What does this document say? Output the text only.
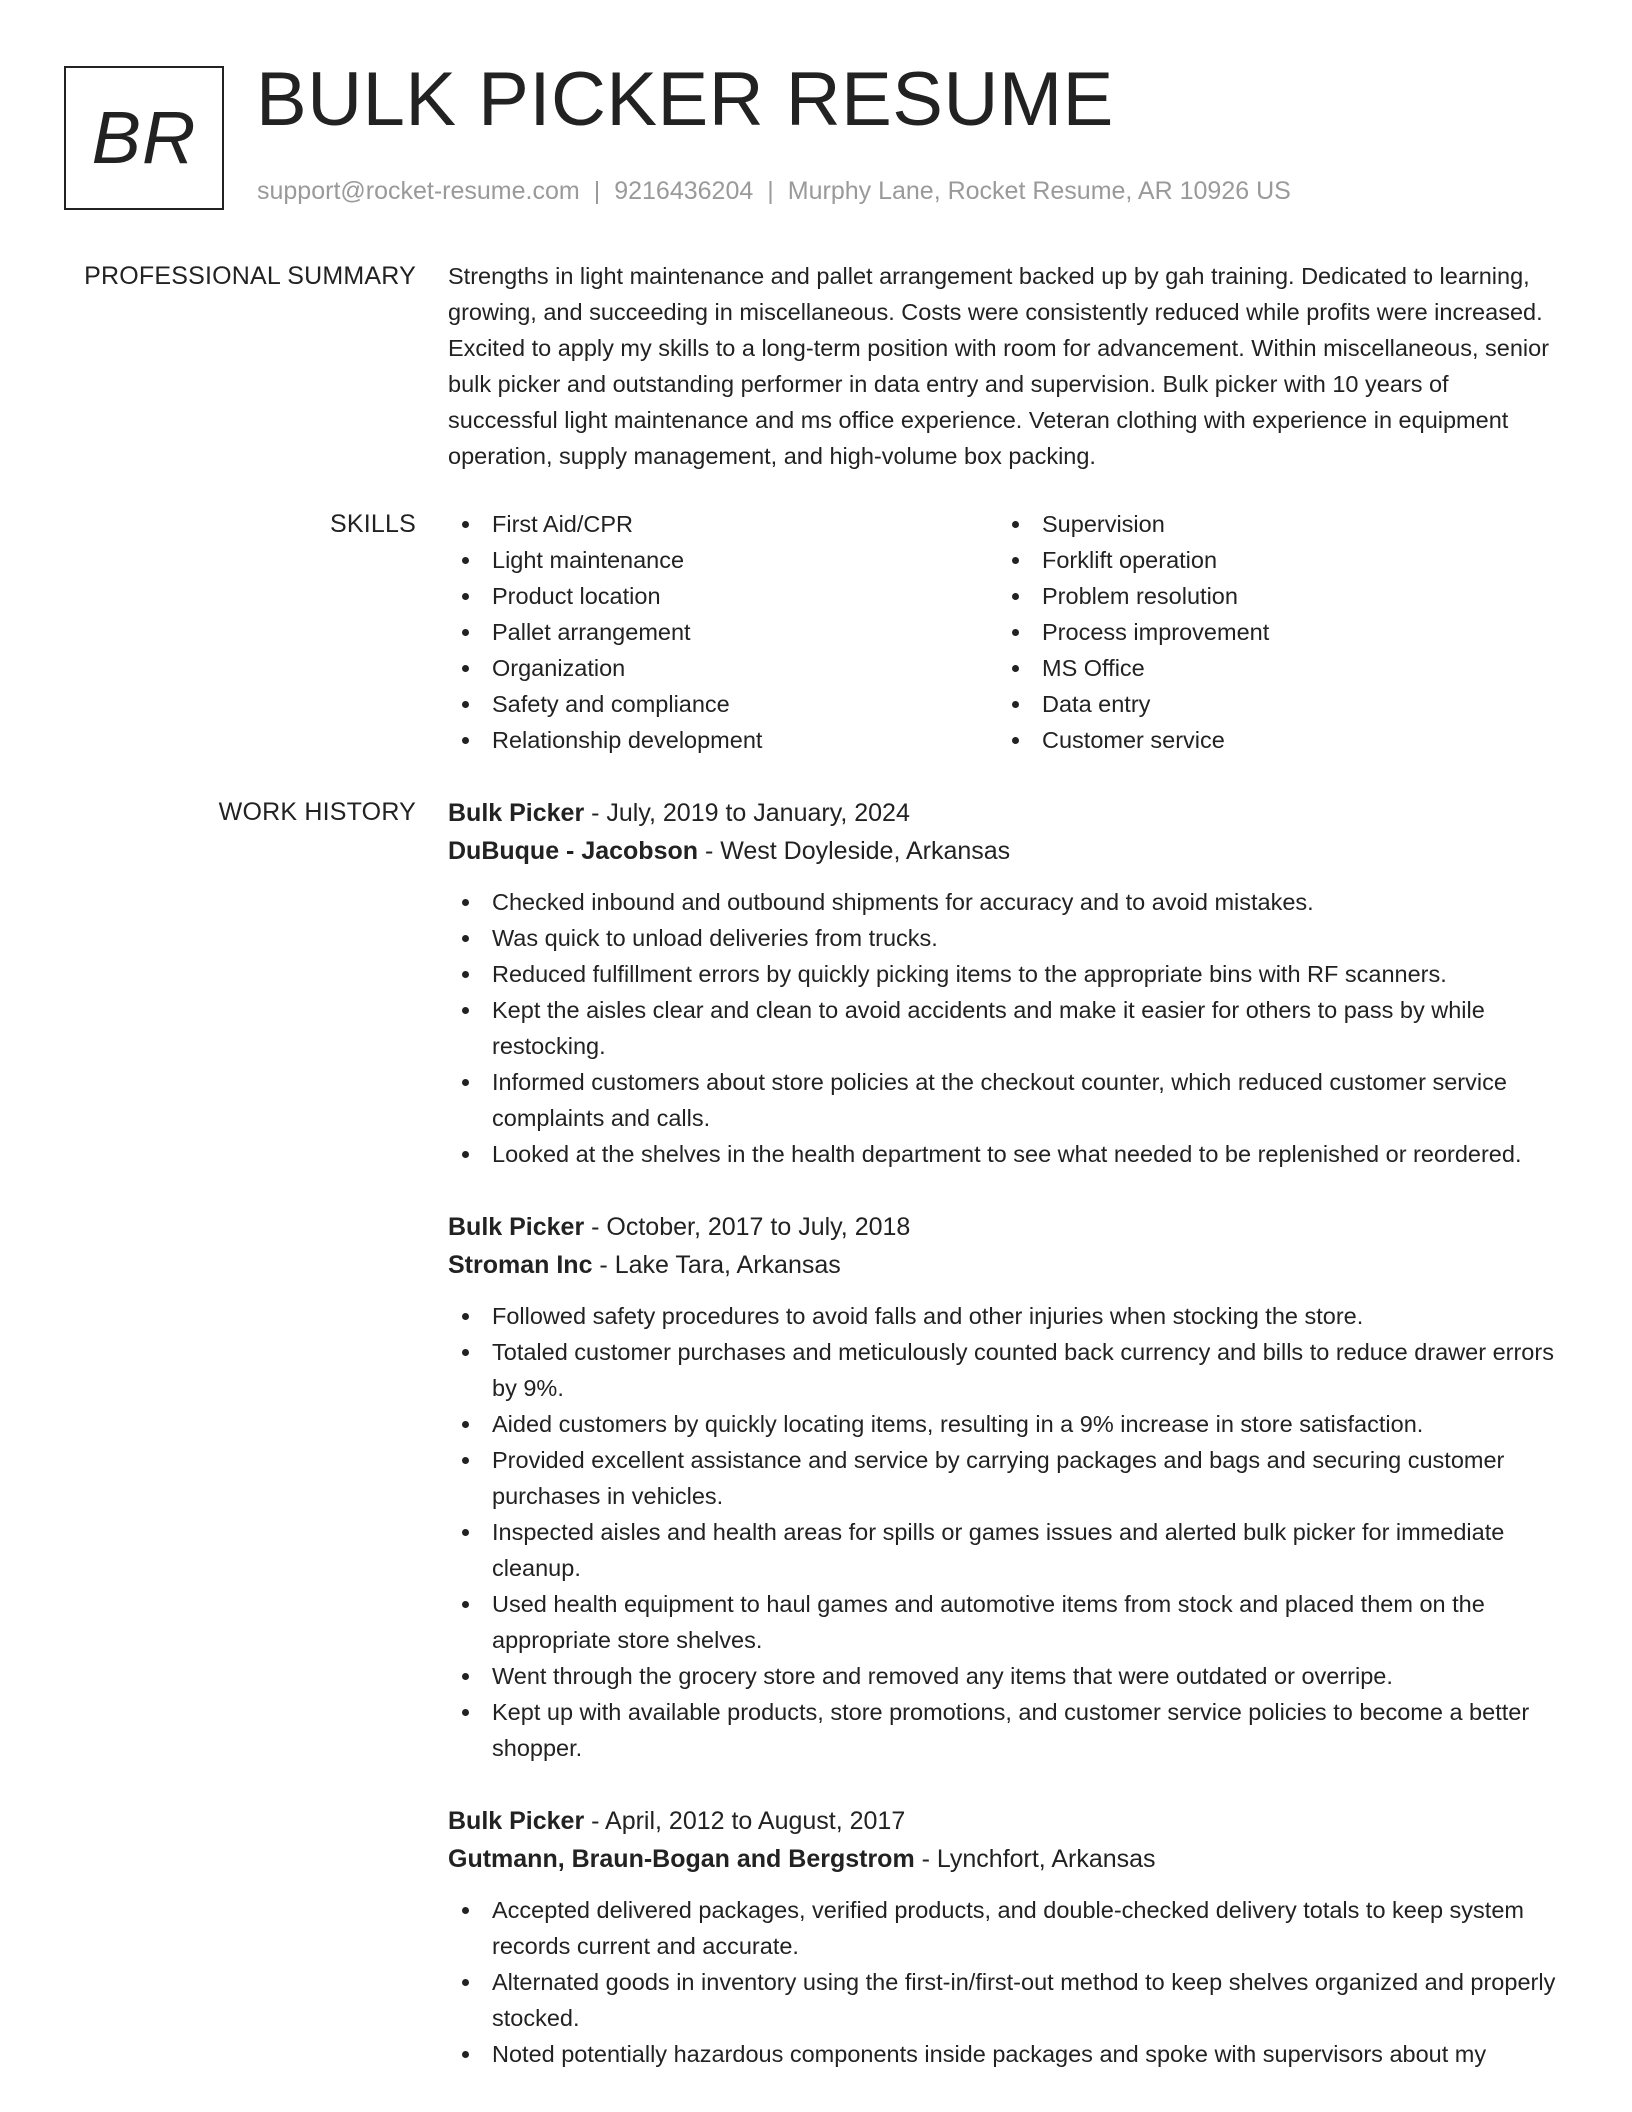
BR BULK PICKER RESUME
support@rocket-resume.com | 9216436204 | Murphy Lane, Rocket Resume, AR 10926 US
PROFESSIONAL SUMMARY Strengths in light maintenance and pallet arrangement backed up by gah training. Dedicated to learning, growing, and succeeding in miscellaneous. Costs were consistently reduced while profits were increased. Excited to apply my skills to a long-term position with room for advancement. Within miscellaneous, senior bulk picker and outstanding performer in data entry and supervision. Bulk picker with 10 years of successful light maintenance and ms office experience. Veteran clothing with experience in equipment operation, supply management, and high-volume box packing.
SKILLS	First Aid/CPR
Light maintenance
Product location
Pallet arrangement
Organization
Safety and compliance
Relationship development
Supervision
Forklift operation
Problem resolution
Process improvement
MS Office
Data entry
Customer service
WORK HISTORY Bulk Picker - July, 2019 to January, 2024
DuBuque - Jacobson - West Doyleside, Arkansas
Checked inbound and outbound shipments for accuracy and to avoid mistakes.
Was quick to unload deliveries from trucks.
Reduced fulfillment errors by quickly picking items to the appropriate bins with RF scanners.
Kept the aisles clear and clean to avoid accidents and make it easier for others to pass by while restocking.
Informed customers about store policies at the checkout counter, which reduced customer service complaints and calls.
Looked at the shelves in the health department to see what needed to be replenished or reordered.
Bulk Picker - October, 2017 to July, 2018
Stroman Inc - Lake Tara, Arkansas
Followed safety procedures to avoid falls and other injuries when stocking the store.
Totaled customer purchases and meticulously counted back currency and bills to reduce drawer errors by 9%.
Aided customers by quickly locating items, resulting in a 9% increase in store satisfaction.
Provided excellent assistance and service by carrying packages and bags and securing customer purchases in vehicles.
Inspected aisles and health areas for spills or games issues and alerted bulk picker for immediate cleanup.
Used health equipment to haul games and automotive items from stock and placed them on the appropriate store shelves.
Went through the grocery store and removed any items that were outdated or overripe.
Kept up with available products, store promotions, and customer service policies to become a better shopper.
Bulk Picker - April, 2012 to August, 2017
Gutmann, Braun-Bogan and Bergstrom - Lynchfort, Arkansas
Accepted delivered packages, verified products, and double-checked delivery totals to keep system records current and accurate.
Alternated goods in inventory using the first-in/first-out method to keep shelves organized and properly stocked.
Noted potentially hazardous components inside packages and spoke with supervisors about my
